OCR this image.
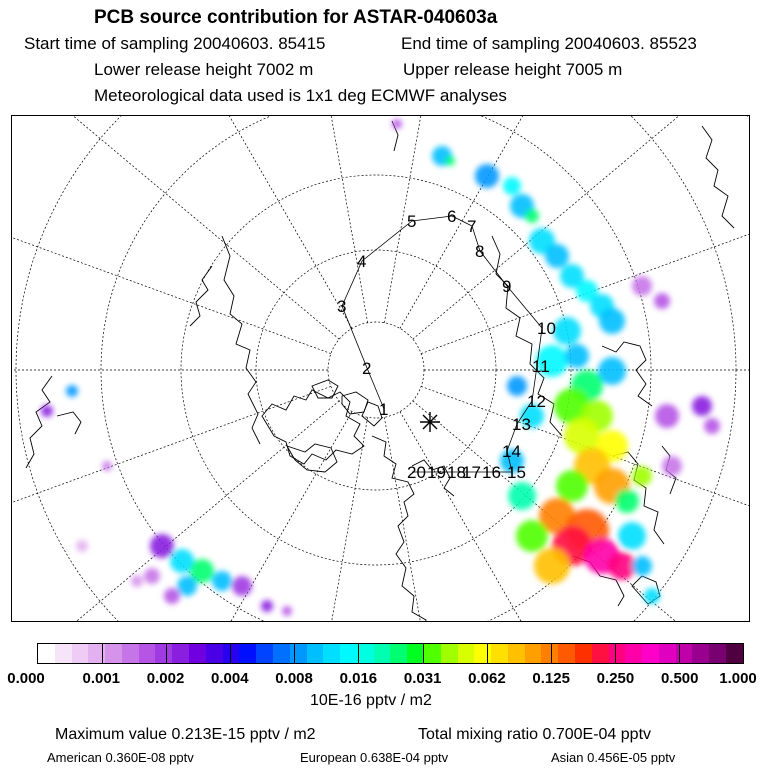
PCB source contribution for ASTAR-040603a
Start time of sampling 20040603. 85415	End time of sampling 20040603. 85523
Lower release height 7002 m	Upper release height 7005 m
Meteorological data used is 1x1 deg ECMWF analyses
1
2
3
4
5 6
7
8
9
10
11
12
13
14
15
16
17
18
19
20
0.000	0.001 0.002 0.004 0.008 0.016 0.031 0.062 0.125 0.250 0.500 1.000
10E-16 pptv / m2
Maximum value 0.213E-15 pptv / m2	Total mixing ratio 0.700E-04 pptv
American 0.360E-08 pptv	European 0.638E-04 pptv	Asian 0.456E-05 pptv
